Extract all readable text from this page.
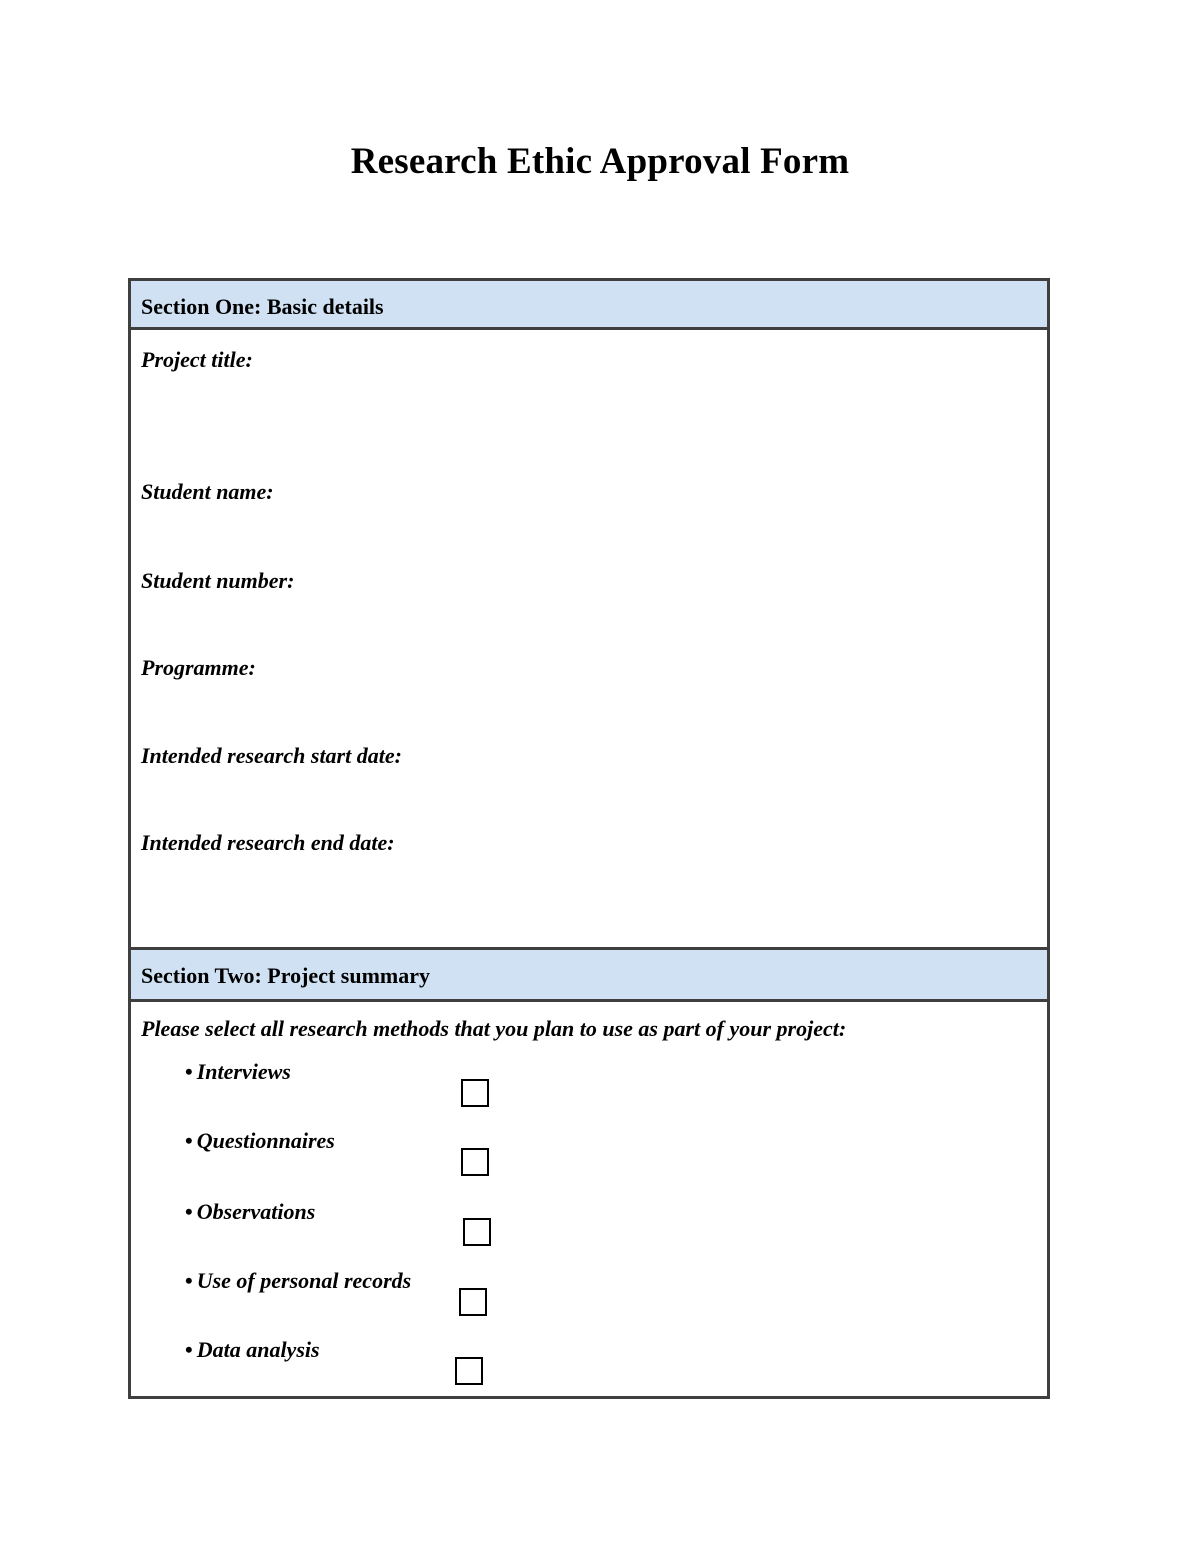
Research Ethic Approval Form
Section One: Basic details
Project title:
Student name:
Student number:
Programme:
Intended research start date:
Intended research end date:
Section Two: Project summary
Please select all research methods that you plan to use as part of your project:
• Interviews
• Questionnaires
• Observations
• Use of personal records
• Data analysis
